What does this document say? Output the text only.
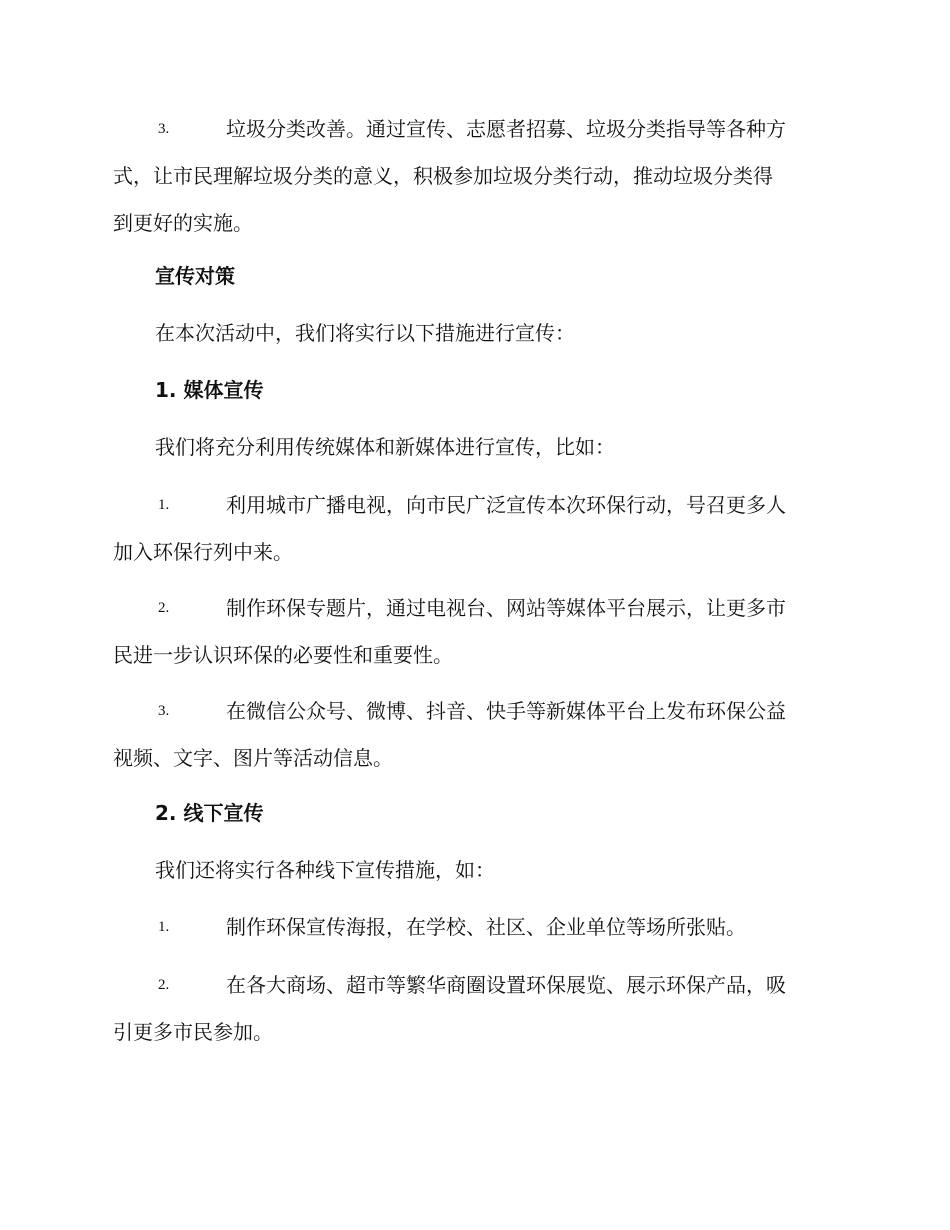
3.	垃圾分类改善。通过宣传、志愿者招募、垃圾分类指导等各种方
式，让市民理解垃圾分类的意义，积极参加垃圾分类行动，推动垃圾分类得
到更好的实施。
宣传对策
在本次活动中，我们将实行以下措施进行宣传：
1. 媒体宣传
我们将充分利用传统媒体和新媒体进行宣传，比如：
1.	利用城市广播电视，向市民广泛宣传本次环保行动，号召更多人
加入环保行列中来。
2.	制作环保专题片，通过电视台、网站等媒体平台展示，让更多市
民进一步认识环保的必要性和重要性。
3.	在微信公众号、微博、抖音、快手等新媒体平台上发布环保公益
视频、文字、图片等活动信息。
2. 线下宣传
我们还将实行各种线下宣传措施，如：
1.	制作环保宣传海报，在学校、社区、企业单位等场所张贴。
2.	在各大商场、超市等繁华商圈设置环保展览、展示环保产品，吸
引更多市民参加。
